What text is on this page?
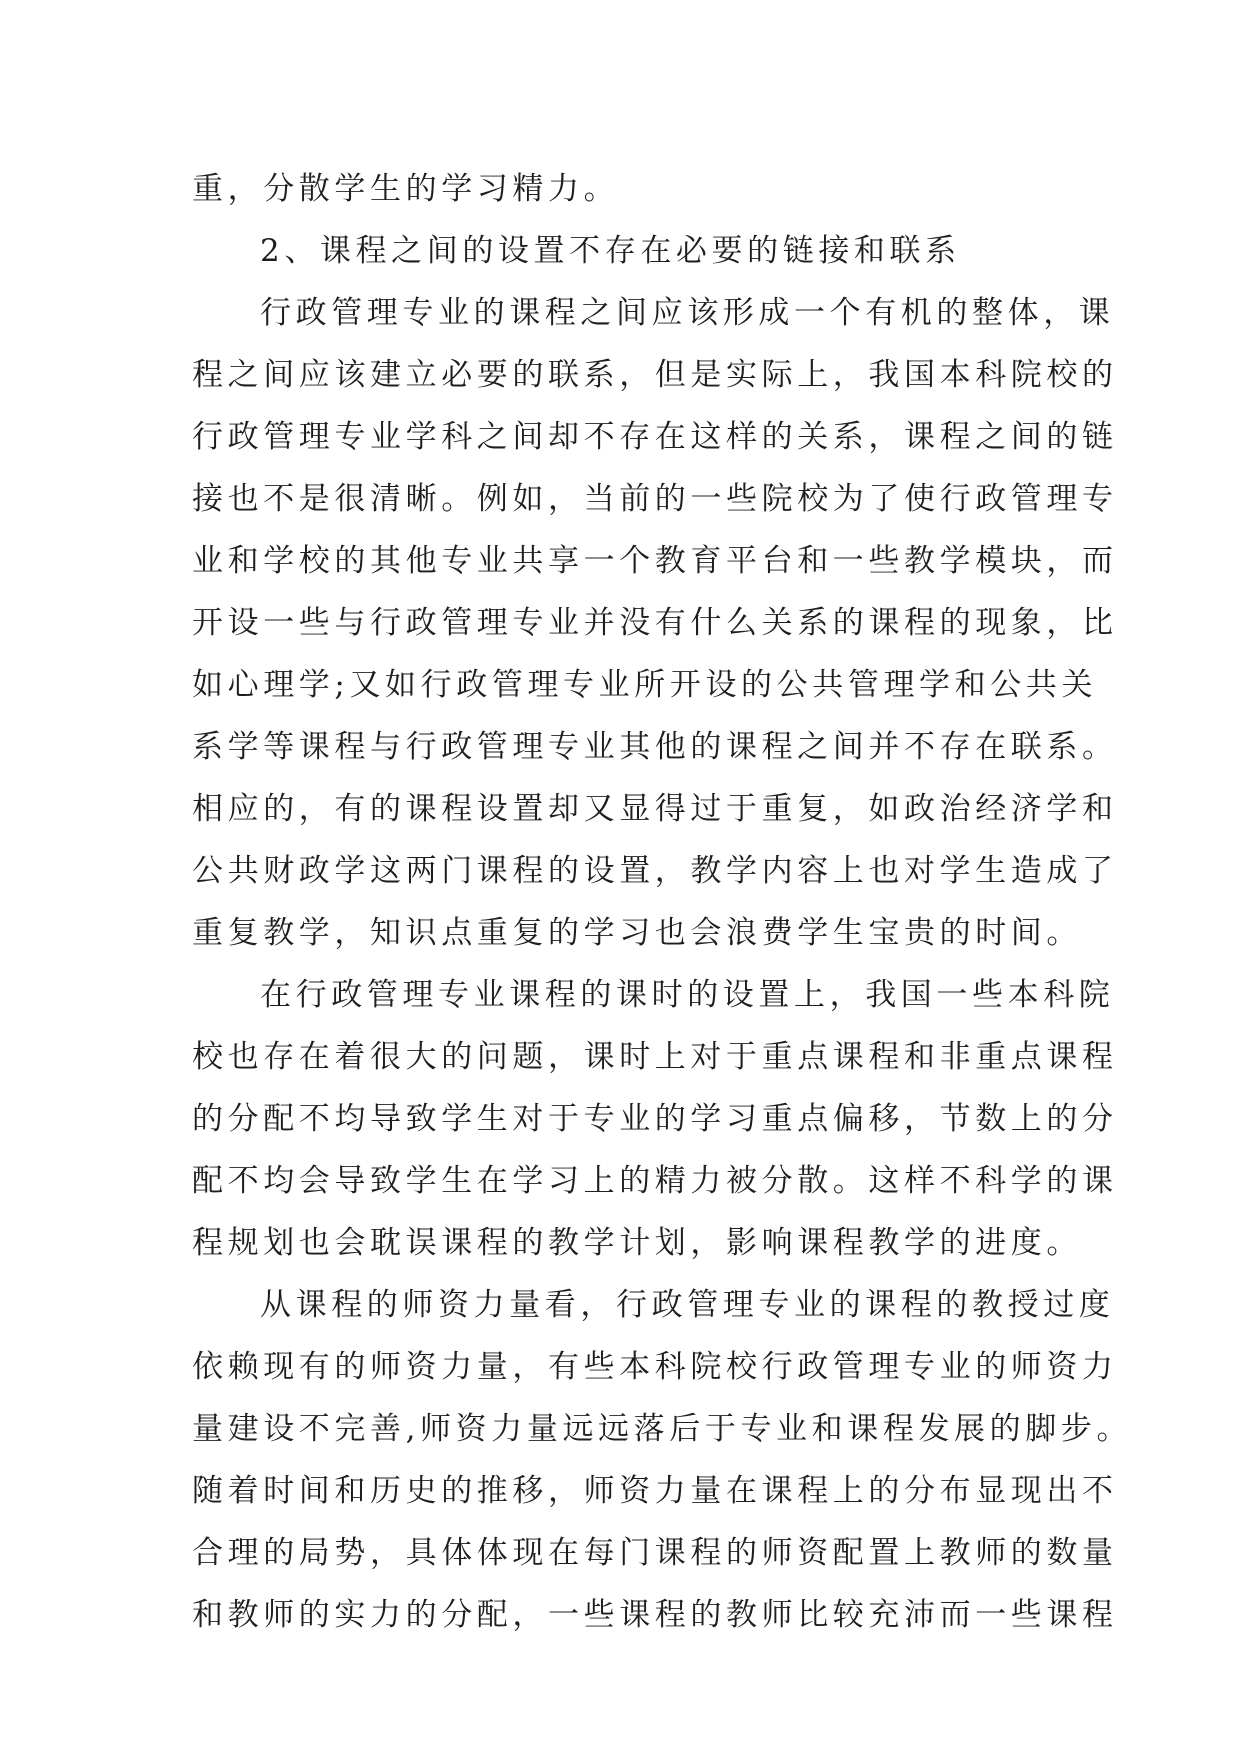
重，分散学生的学习精力。
2、课程之间的设置不存在必要的链接和联系
行政管理专业的课程之间应该形成一个有机的整体，课
程之间应该建立必要的联系，但是实际上，我国本科院校的
行政管理专业学科之间却不存在这样的关系，课程之间的链
接也不是很清晰。例如，当前的一些院校为了使行政管理专
业和学校的其他专业共享一个教育平台和一些教学模块，而
开设一些与行政管理专业并没有什么关系的课程的现象，比
如心理学;又如行政管理专业所开设的公共管理学和公共关
系学等课程与行政管理专业其他的课程之间并不存在联系。
相应的，有的课程设置却又显得过于重复，如政治经济学和
公共财政学这两门课程的设置，教学内容上也对学生造成了
重复教学，知识点重复的学习也会浪费学生宝贵的时间。
在行政管理专业课程的课时的设置上，我国一些本科院
校也存在着很大的问题，课时上对于重点课程和非重点课程
的分配不均导致学生对于专业的学习重点偏移，节数上的分
配不均会导致学生在学习上的精力被分散。这样不科学的课
程规划也会耽误课程的教学计划，影响课程教学的进度。
从课程的师资力量看，行政管理专业的课程的教授过度
依赖现有的师资力量，有些本科院校行政管理专业的师资力
量建设不完善,师资力量远远落后于专业和课程发展的脚步。
随着时间和历史的推移，师资力量在课程上的分布显现出不
合理的局势，具体体现在每门课程的师资配置上教师的数量
和教师的实力的分配，一些课程的教师比较充沛而一些课程
